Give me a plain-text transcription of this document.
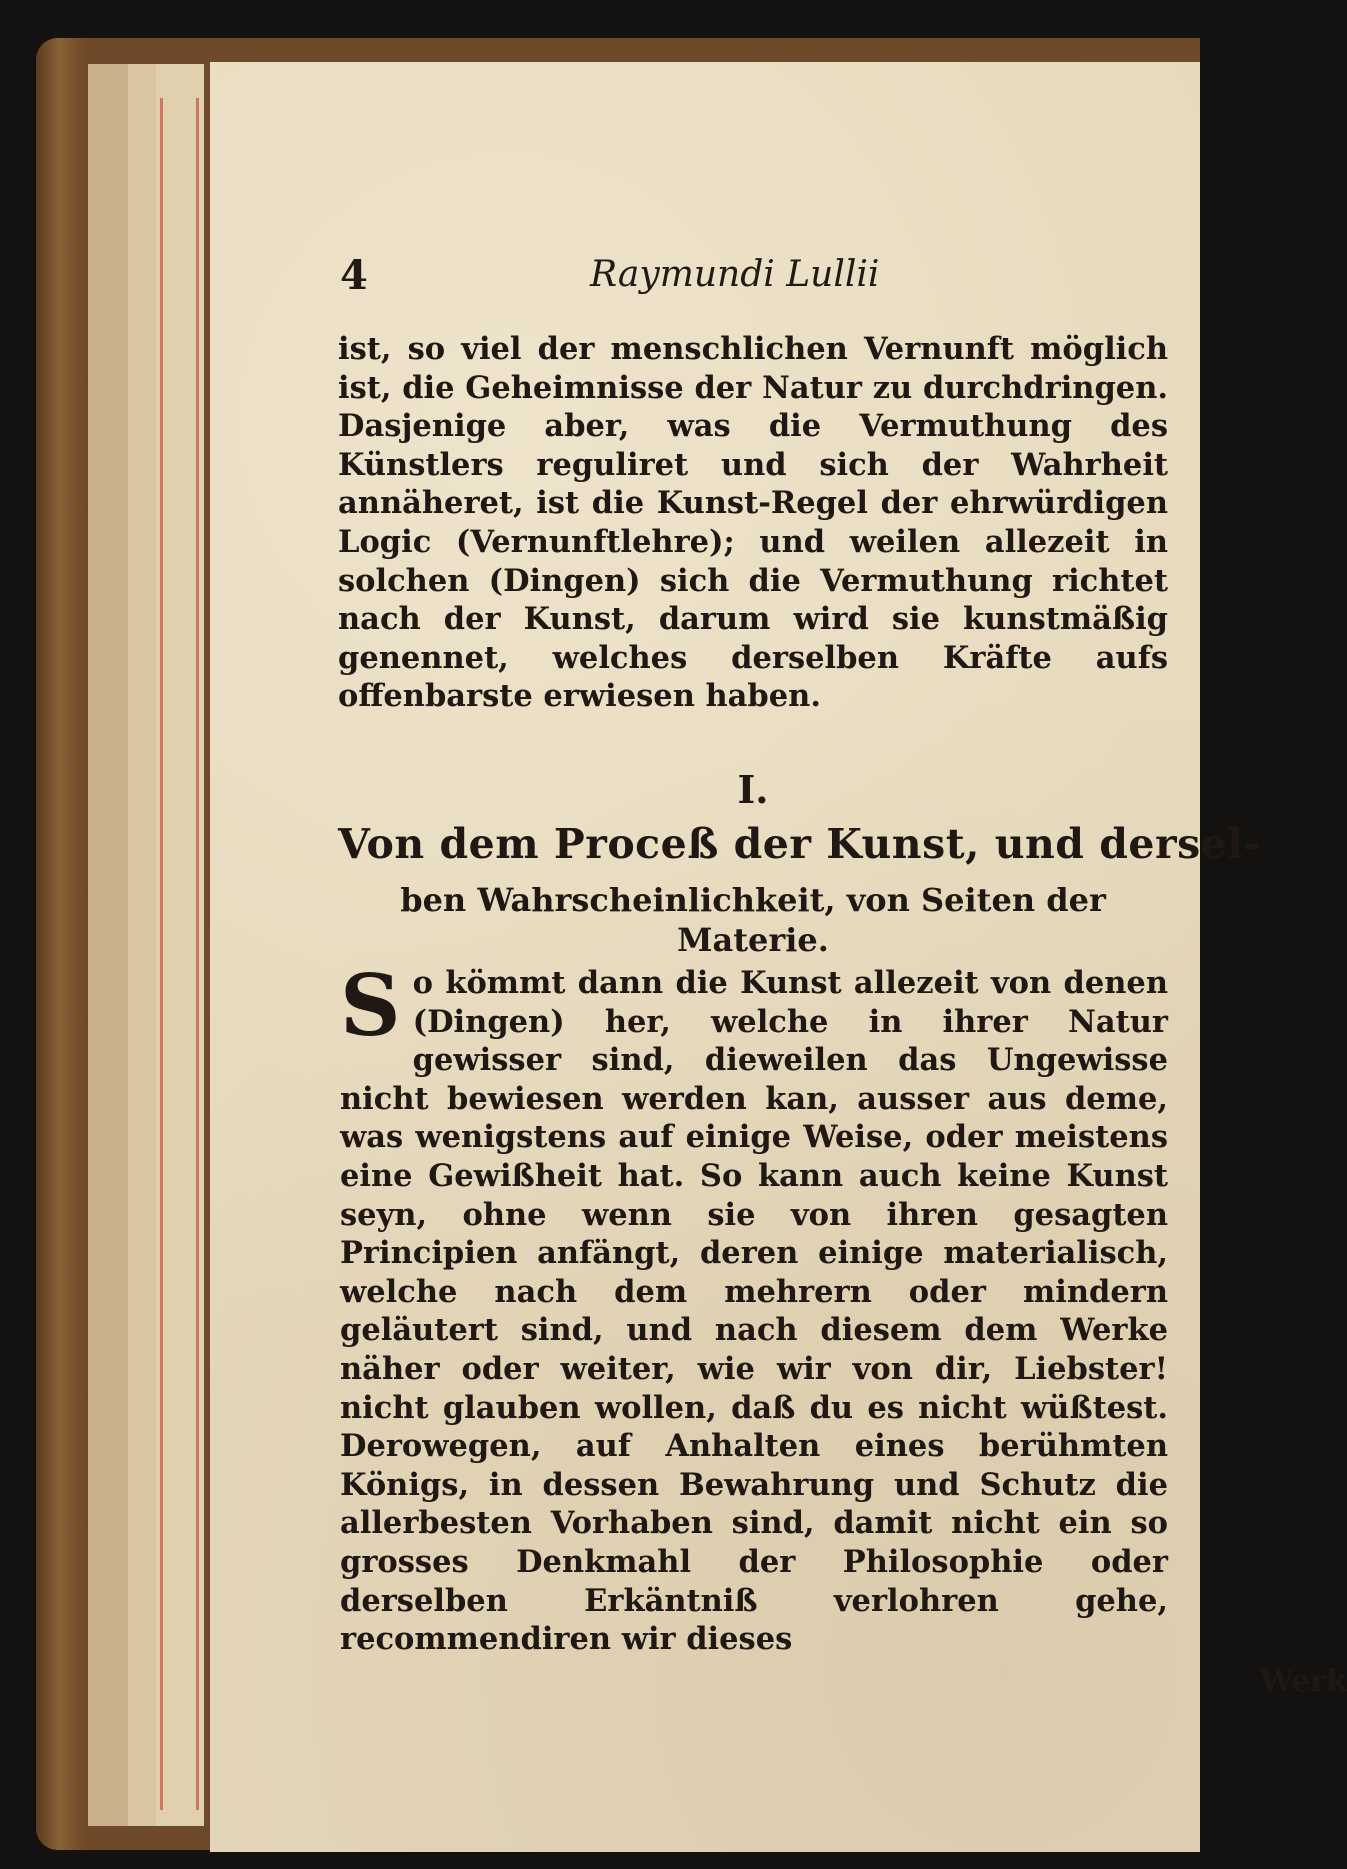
4	Raymundi Lullii

ist, so viel der menschlichen Vernunft möglich ist, die Geheimnisse der Natur zu durchdringen. Dasjenige aber, was die Vermuthung des Künstlers reguliret und sich der Wahrheit annäheret, ist die Kunst-Regel der ehrwürdigen Logic (Vernunftlehre); und weilen allezeit in solchen (Dingen) sich die Vermuthung richtet nach der Kunst, darum wird sie kunstmäßig genennet, welches derselben Kräfte aufs offenbarste erwiesen haben.

I.
Von dem Proceß der Kunst, und dersel-
ben Wahrscheinlichkeit, von Seiten der Materie.

So kömmt dann die Kunst allezeit von denen (Dingen) her, welche in ihrer Natur gewisser sind, dieweilen das Ungewisse nicht bewiesen werden kan, ausser aus deme, was wenigstens auf einige Weise, oder meistens eine Gewißheit hat. So kann auch keine Kunst seyn, ohne wenn sie von ihren gesagten Principien anfängt, deren einige materialisch, welche nach dem mehrern oder mindern geläutert sind, und nach diesem dem Werke näher oder weiter, wie wir von dir, Liebster! nicht glauben wollen, daß du es nicht wüßtest. Derowegen, auf Anhalten eines berühmten Königs, in dessen Bewahrung und Schutz die allerbesten Vorhaben sind, damit nicht ein so grosses Denkmahl der Philosophie oder derselben Erkäntniß verlohren gehe, recommendiren wir dieses

Werk
